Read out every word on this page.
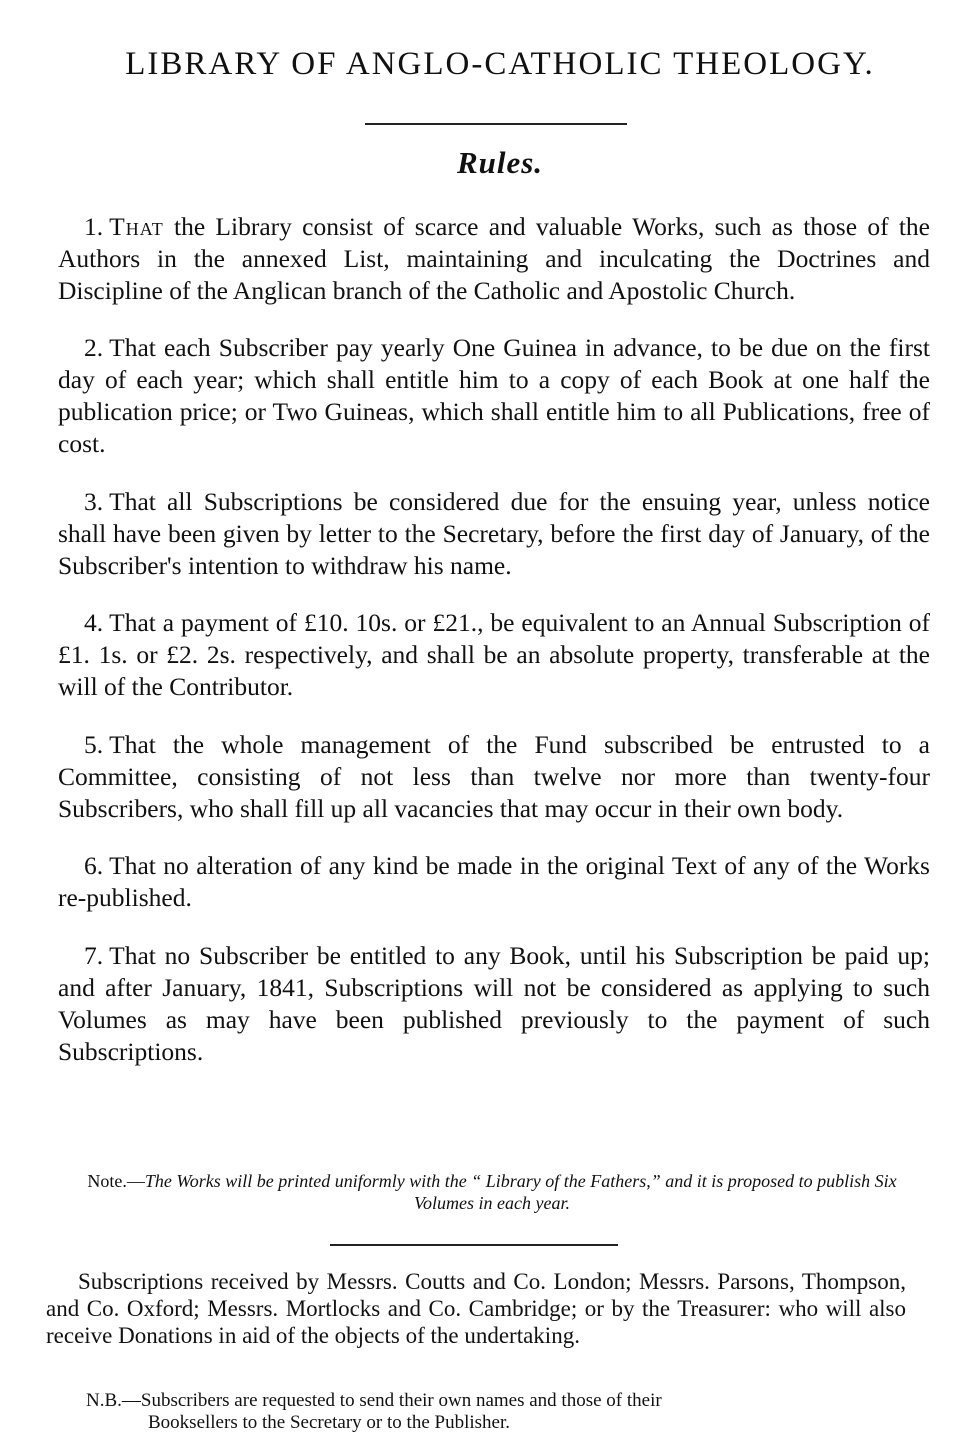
LIBRARY OF ANGLO-CATHOLIC THEOLOGY.
Rules.

1. That the Library consist of scarce and valuable Works, such as those of the Authors in the annexed List, maintaining and inculcating the Doctrines and Discipline of the Anglican branch of the Catholic and Apostolic Church.

2. That each Subscriber pay yearly One Guinea in advance, to be due on the first day of each year; which shall entitle him to a copy of each Book at one half the publication price; or Two Guineas, which shall entitle him to all Publications, free of cost.

3. That all Subscriptions be considered due for the ensuing year, unless notice shall have been given by letter to the Secretary, before the first day of January, of the Subscriber's intention to withdraw his name.

4. That a payment of £10. 10s. or £21., be equivalent to an Annual Subscription of £1. 1s. or £2. 2s. respectively, and shall be an absolute property, transferable at the will of the Contributor.

5. That the whole management of the Fund subscribed be entrusted to a Committee, consisting of not less than twelve nor more than twenty-four Subscribers, who shall fill up all vacancies that may occur in their own body.

6. That no alteration of any kind be made in the original Text of any of the Works re-published.

7. That no Subscriber be entitled to any Book, until his Subscription be paid up; and after January, 1841, Subscriptions will not be considered as applying to such Volumes as may have been published previously to the payment of such Subscriptions.

Note.—The Works will be printed uniformly with the “ Library of the Fathers,” and it is proposed to publish Six Volumes in each year.
Subscriptions received by Messrs. Coutts and Co. London; Messrs. Parsons, Thompson, and Co. Oxford; Messrs. Mortlocks and Co. Cambridge; or by the Treasurer: who will also receive Donations in aid of the objects of the undertaking.
N.B.—Subscribers are requested to send their own names and those of their
Booksellers to the Secretary or to the Publisher.
